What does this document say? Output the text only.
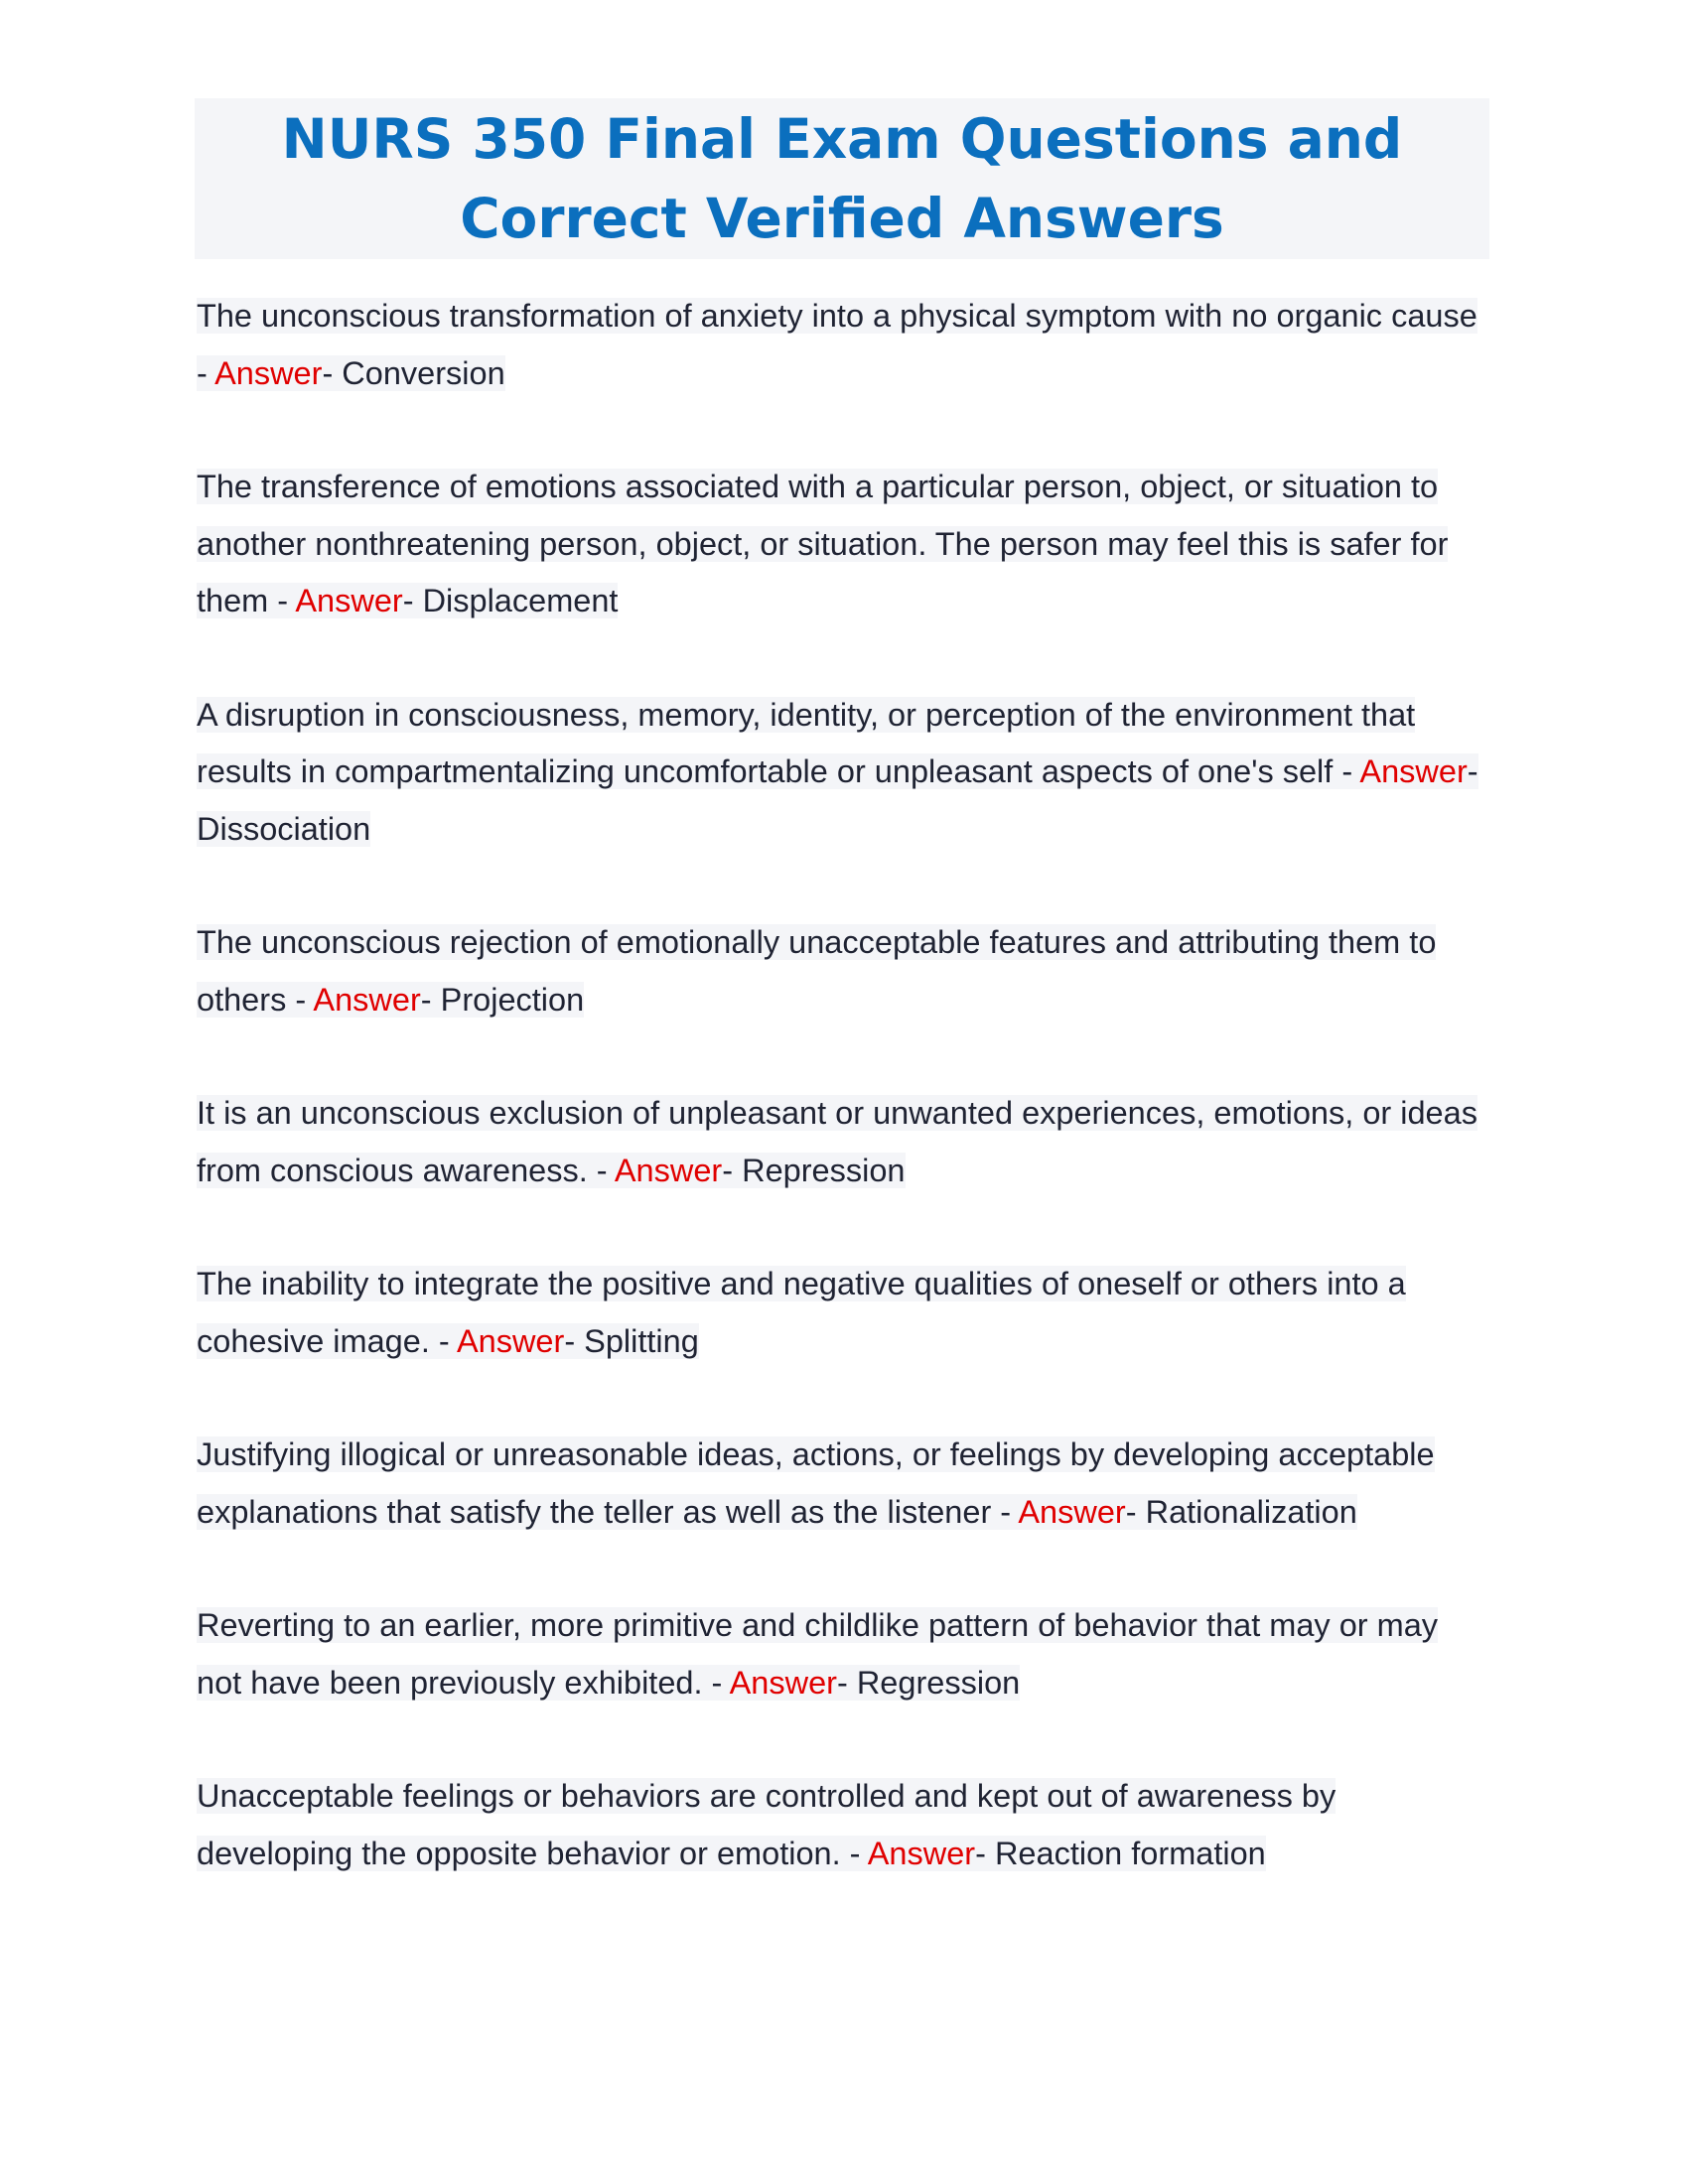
NURS 350 Final Exam Questions and Correct Verified Answers

The unconscious transformation of anxiety into a physical symptom with no organic cause - Answer- Conversion

The transference of emotions associated with a particular person, object, or situation to another nonthreatening person, object, or situation. The person may feel this is safer for them - Answer- Displacement

A disruption in consciousness, memory, identity, or perception of the environment that results in compartmentalizing uncomfortable or unpleasant aspects of one's self - Answer- Dissociation

The unconscious rejection of emotionally unacceptable features and attributing them to others - Answer- Projection

It is an unconscious exclusion of unpleasant or unwanted experiences, emotions, or ideas from conscious awareness. - Answer- Repression

The inability to integrate the positive and negative qualities of oneself or others into a cohesive image. - Answer- Splitting

Justifying illogical or unreasonable ideas, actions, or feelings by developing acceptable explanations that satisfy the teller as well as the listener - Answer- Rationalization

Reverting to an earlier, more primitive and childlike pattern of behavior that may or may not have been previously exhibited. - Answer- Regression

Unacceptable feelings or behaviors are controlled and kept out of awareness by developing the opposite behavior or emotion. - Answer- Reaction formation
